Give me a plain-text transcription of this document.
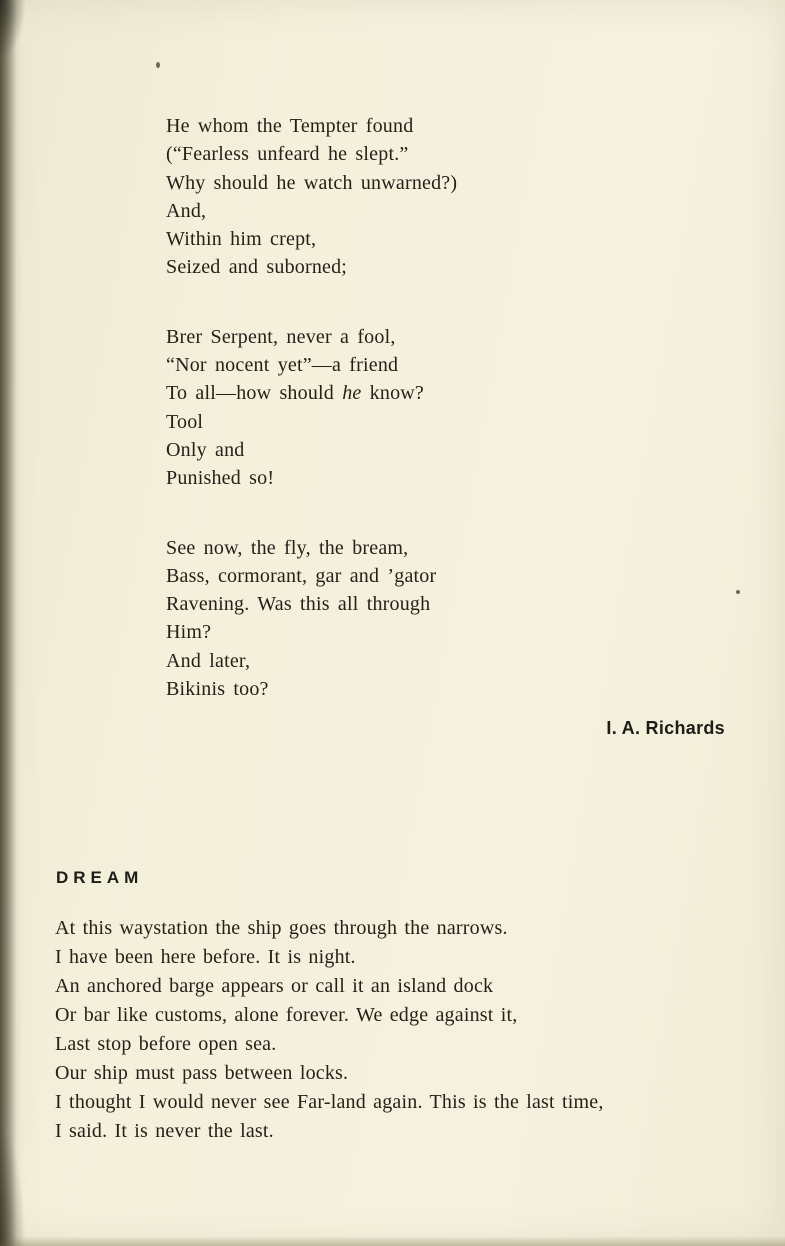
He whom the Tempter found
(“Fearless unfeard he slept.”
Why should he watch unwarned?)
And,
Within him crept,
Seized and suborned;
Brer Serpent, never a fool,
“Nor nocent yet”—a friend
To all—how should he know?
Tool
Only and
Punished so!
See now, the fly, the bream,
Bass, cormorant, gar and ’gator
Ravening. Was this all through
Him?
And later,
Bikinis too?
I. A. Richards
DREAM
At this waystation the ship goes through the narrows.
I have been here before. It is night.
An anchored barge appears or call it an island dock
Or bar like customs, alone forever. We edge against it,
Last stop before open sea.
Our ship must pass between locks.
I thought I would never see Far-land again. This is the last time,
I said. It is never the last.
